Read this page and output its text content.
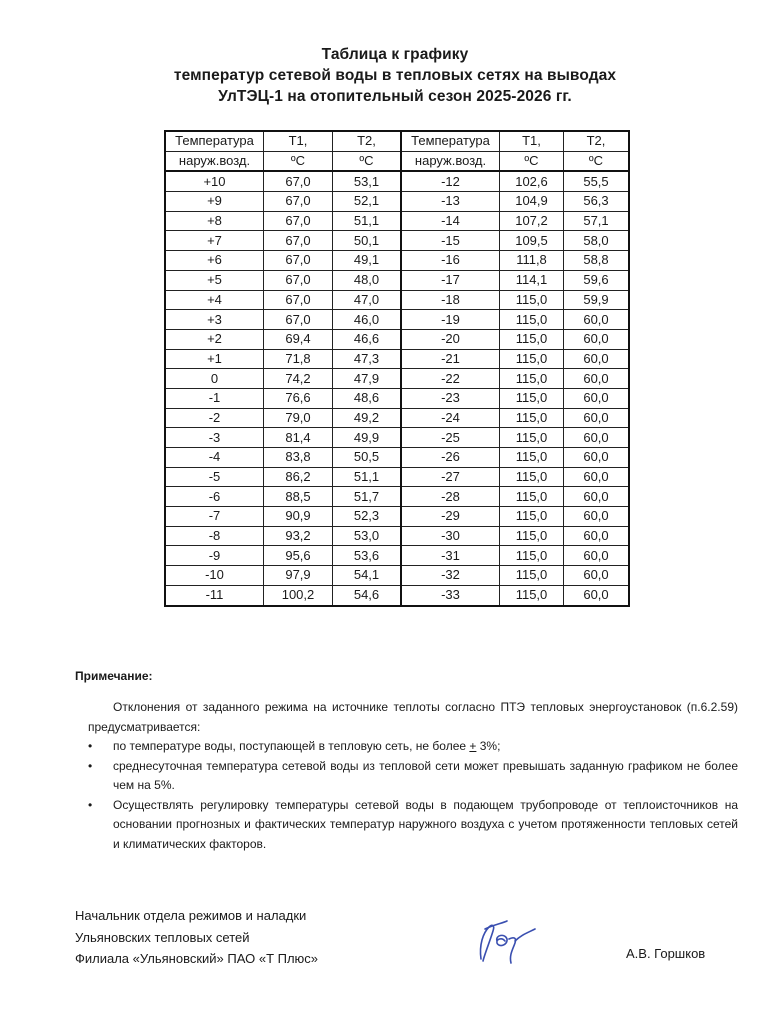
Таблица к графику
температур сетевой воды в тепловых сетях на выводах
УлТЭЦ-1 на отопительный сезон 2025-2026 гг.
Температура	Т1,	Т2,	Температура	Т1,	Т2,
наруж.возд.	ºС	ºС	наруж.возд.	ºС	ºС
+10	67,0	53,1	-12	102,6	55,5
+9	67,0	52,1	-13	104,9	56,3
+8	67,0	51,1	-14	107,2	57,1
+7	67,0	50,1	-15	109,5	58,0
+6	67,0	49,1	-16	111,8	58,8
+5	67,0	48,0	-17	114,1	59,6
+4	67,0	47,0	-18	115,0	59,9
+3	67,0	46,0	-19	115,0	60,0
+2	69,4	46,6	-20	115,0	60,0
+1	71,8	47,3	-21	115,0	60,0
0	74,2	47,9	-22	115,0	60,0
-1	76,6	48,6	-23	115,0	60,0
-2	79,0	49,2	-24	115,0	60,0
-3	81,4	49,9	-25	115,0	60,0
-4	83,8	50,5	-26	115,0	60,0
-5	86,2	51,1	-27	115,0	60,0
-6	88,5	51,7	-28	115,0	60,0
-7	90,9	52,3	-29	115,0	60,0
-8	93,2	53,0	-30	115,0	60,0
-9	95,6	53,6	-31	115,0	60,0
-10	97,9	54,1	-32	115,0	60,0
-11	100,2	54,6	-33	115,0	60,0
Примечание:
Отклонения от заданного режима на источнике теплоты согласно ПТЭ тепловых энергоустановок (п.6.2.59) предусматривается:
• по температуре воды, поступающей в тепловую сеть, не более + 3%;
• среднесуточная температура сетевой воды из тепловой сети может превышать заданную графиком не более чем на 5%.
• Осуществлять регулировку температуры сетевой воды в подающем трубопроводе от теплоисточников на основании прогнозных и фактических температур наружного воздуха с учетом протяженности тепловых сетей и климатических факторов.
Начальник отдела режимов и наладки
Ульяновских тепловых сетей
Филиала «Ульяновский» ПАО «Т Плюс»	А.В. Горшков
